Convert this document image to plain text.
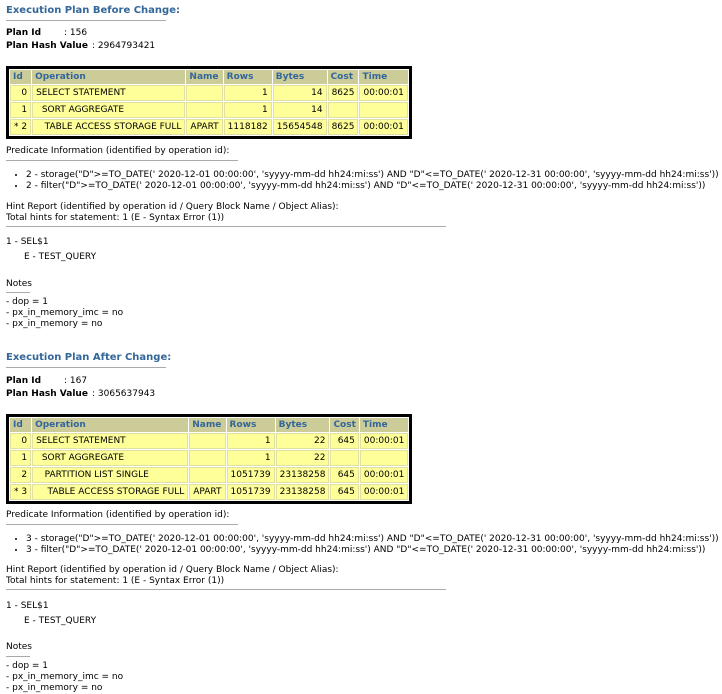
Execution Plan Before Change:
Plan Id	: 156
Plan Hash Value : 2964793421
Id	Operation	Name	Rows	Bytes	Cost	Time
0	SELECT STATEMENT		1	14	8625	00:00:01
1	SORT AGGREGATE		1	14		
* 2	TABLE ACCESS STORAGE FULL	APART	1118182	15654548	8625	00:00:01
Predicate Information (identified by operation id):
• 2 - storage("D">=TO_DATE(' 2020-12-01 00:00:00', 'syyyy-mm-dd hh24:mi:ss') AND "D"<=TO_DATE(' 2020-12-31 00:00:00', 'syyyy-mm-dd hh24:mi:ss'))
• 2 - filter("D">=TO_DATE(' 2020-12-01 00:00:00', 'syyyy-mm-dd hh24:mi:ss') AND "D"<=TO_DATE(' 2020-12-31 00:00:00', 'syyyy-mm-dd hh24:mi:ss'))
Hint Report (identified by operation id / Query Block Name / Object Alias):
Total hints for statement: 1 (E - Syntax Error (1))
1 - SEL$1
E - TEST_QUERY
Notes
- dop = 1
- px_in_memory_imc = no
- px_in_memory = no
Execution Plan After Change:
Plan Id	: 167
Plan Hash Value : 3065637943
Id	Operation	Name	Rows	Bytes	Cost	Time
0	SELECT STATEMENT		1	22	645	00:00:01
1	SORT AGGREGATE		1	22		
2	PARTITION LIST SINGLE		1051739	23138258	645	00:00:01
* 3	TABLE ACCESS STORAGE FULL	APART	1051739	23138258	645	00:00:01
Predicate Information (identified by operation id):
• 3 - storage("D">=TO_DATE(' 2020-12-01 00:00:00', 'syyyy-mm-dd hh24:mi:ss') AND "D"<=TO_DATE(' 2020-12-31 00:00:00', 'syyyy-mm-dd hh24:mi:ss'))
• 3 - filter("D">=TO_DATE(' 2020-12-01 00:00:00', 'syyyy-mm-dd hh24:mi:ss') AND "D"<=TO_DATE(' 2020-12-31 00:00:00', 'syyyy-mm-dd hh24:mi:ss'))
Hint Report (identified by operation id / Query Block Name / Object Alias):
Total hints for statement: 1 (E - Syntax Error (1))
1 - SEL$1
E - TEST_QUERY
Notes
- dop = 1
- px_in_memory_imc = no
- px_in_memory = no
